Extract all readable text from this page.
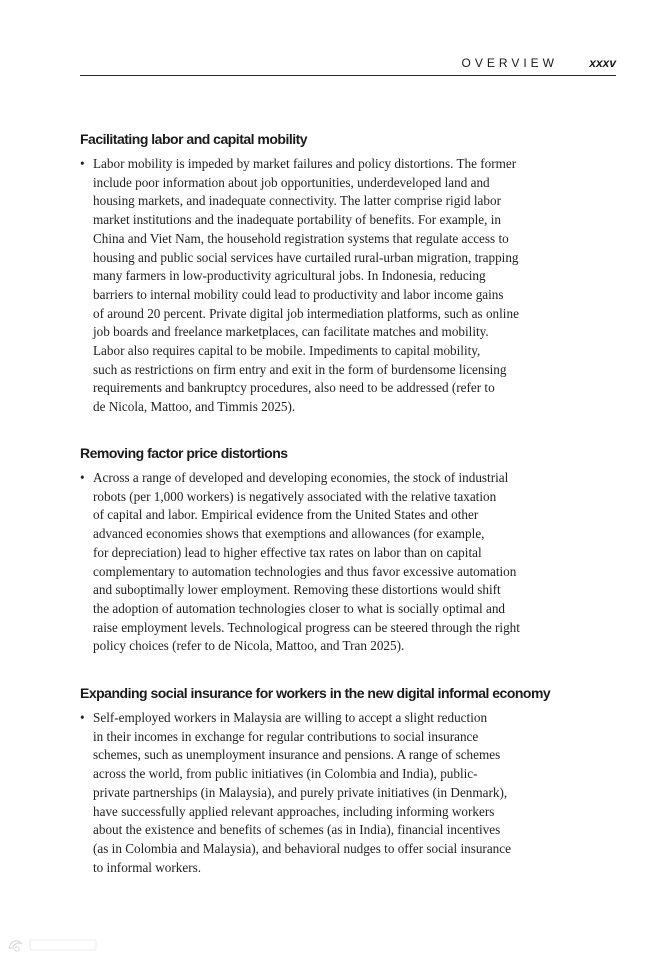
OVERVIEW	xxxv
Facilitating labor and capital mobility
• Labor mobility is impeded by market failures and policy distortions. The former
include poor information about job opportunities, underdeveloped land and
housing markets, and inadequate connectivity. The latter comprise rigid labor
market institutions and the inadequate portability of benefits. For example, in
China and Viet Nam, the household registration systems that regulate access to
housing and public social services have curtailed rural-urban migration, trapping
many farmers in low-productivity agricultural jobs. In Indonesia, reducing
barriers to internal mobility could lead to productivity and labor income gains
of around 20 percent. Private digital job intermediation platforms, such as online
job boards and freelance marketplaces, can facilitate matches and mobility.
Labor also requires capital to be mobile. Impediments to capital mobility,
such as restrictions on firm entry and exit in the form of burdensome licensing
requirements and bankruptcy procedures, also need to be addressed (refer to
de Nicola, Mattoo, and Timmis 2025).
Removing factor price distortions
• Across a range of developed and developing economies, the stock of industrial
robots (per 1,000 workers) is negatively associated with the relative taxation
of capital and labor. Empirical evidence from the United States and other
advanced economies shows that exemptions and allowances (for example,
for depreciation) lead to higher effective tax rates on labor than on capital
complementary to automation technologies and thus favor excessive automation
and suboptimally lower employment. Removing these distortions would shift
the adoption of automation technologies closer to what is socially optimal and
raise employment levels. Technological progress can be steered through the right
policy choices (refer to de Nicola, Mattoo, and Tran 2025).
Expanding social insurance for workers in the new digital informal economy
• Self-employed workers in Malaysia are willing to accept a slight reduction
in their incomes in exchange for regular contributions to social insurance
schemes, such as unemployment insurance and pensions. A range of schemes
across the world, from public initiatives (in Colombia and India), public-
private partnerships (in Malaysia), and purely private initiatives (in Denmark),
have successfully applied relevant approaches, including informing workers
about the existence and benefits of schemes (as in India), financial incentives
(as in Colombia and Malaysia), and behavioral nudges to offer social insurance
to informal workers.
